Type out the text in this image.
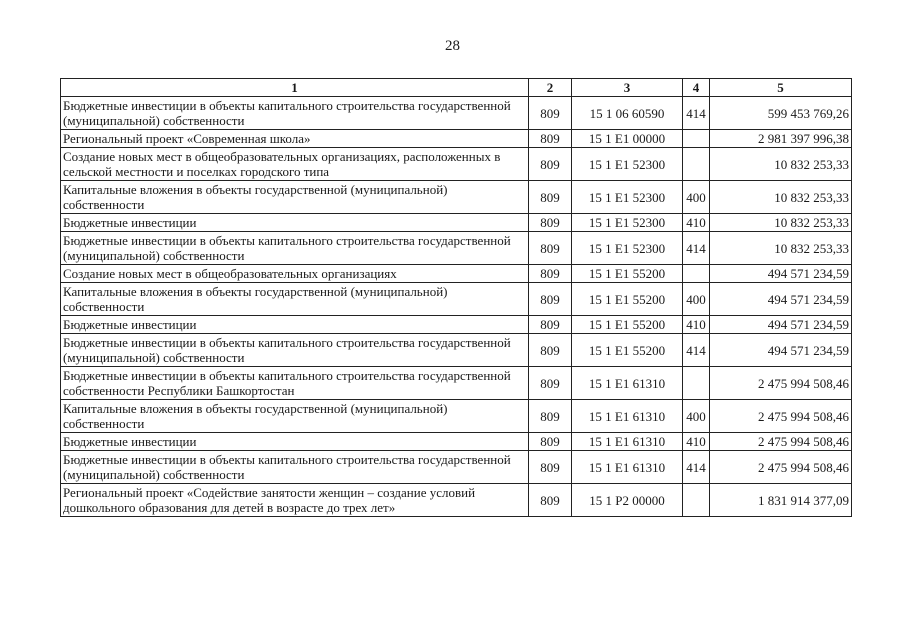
28
1	2	3	4	5
Бюджетные инвестиции в объекты капитального строительства государственной (муниципальной) собственности	809	15 1 06 60590	414	599 453 769,26
Региональный проект «Современная школа»	809	15 1 E1 00000		2 981 397 996,38
Создание новых мест в общеобразовательных организациях, расположенных в сельской местности и поселках городского типа	809	15 1 E1 52300		10 832 253,33
Капитальные вложения в объекты государственной (муниципальной) собственности	809	15 1 E1 52300	400	10 832 253,33
Бюджетные инвестиции	809	15 1 E1 52300	410	10 832 253,33
Бюджетные инвестиции в объекты капитального строительства государственной (муниципальной) собственности	809	15 1 E1 52300	414	10 832 253,33
Создание новых мест в общеобразовательных организациях	809	15 1 E1 55200		494 571 234,59
Капитальные вложения в объекты государственной (муниципальной) собственности	809	15 1 E1 55200	400	494 571 234,59
Бюджетные инвестиции	809	15 1 E1 55200	410	494 571 234,59
Бюджетные инвестиции в объекты капитального строительства государственной (муниципальной) собственности	809	15 1 E1 55200	414	494 571 234,59
Бюджетные инвестиции в объекты капитального строительства государственной собственности Республики Башкортостан	809	15 1 E1 61310		2 475 994 508,46
Капитальные вложения в объекты государственной (муниципальной) собственности	809	15 1 E1 61310	400	2 475 994 508,46
Бюджетные инвестиции	809	15 1 E1 61310	410	2 475 994 508,46
Бюджетные инвестиции в объекты капитального строительства государственной (муниципальной) собственности	809	15 1 E1 61310	414	2 475 994 508,46
Региональный проект «Содействие занятости женщин – создание условий дошкольного образования для детей в возрасте до трех лет»	809	15 1 P2 00000		1 831 914 377,09
